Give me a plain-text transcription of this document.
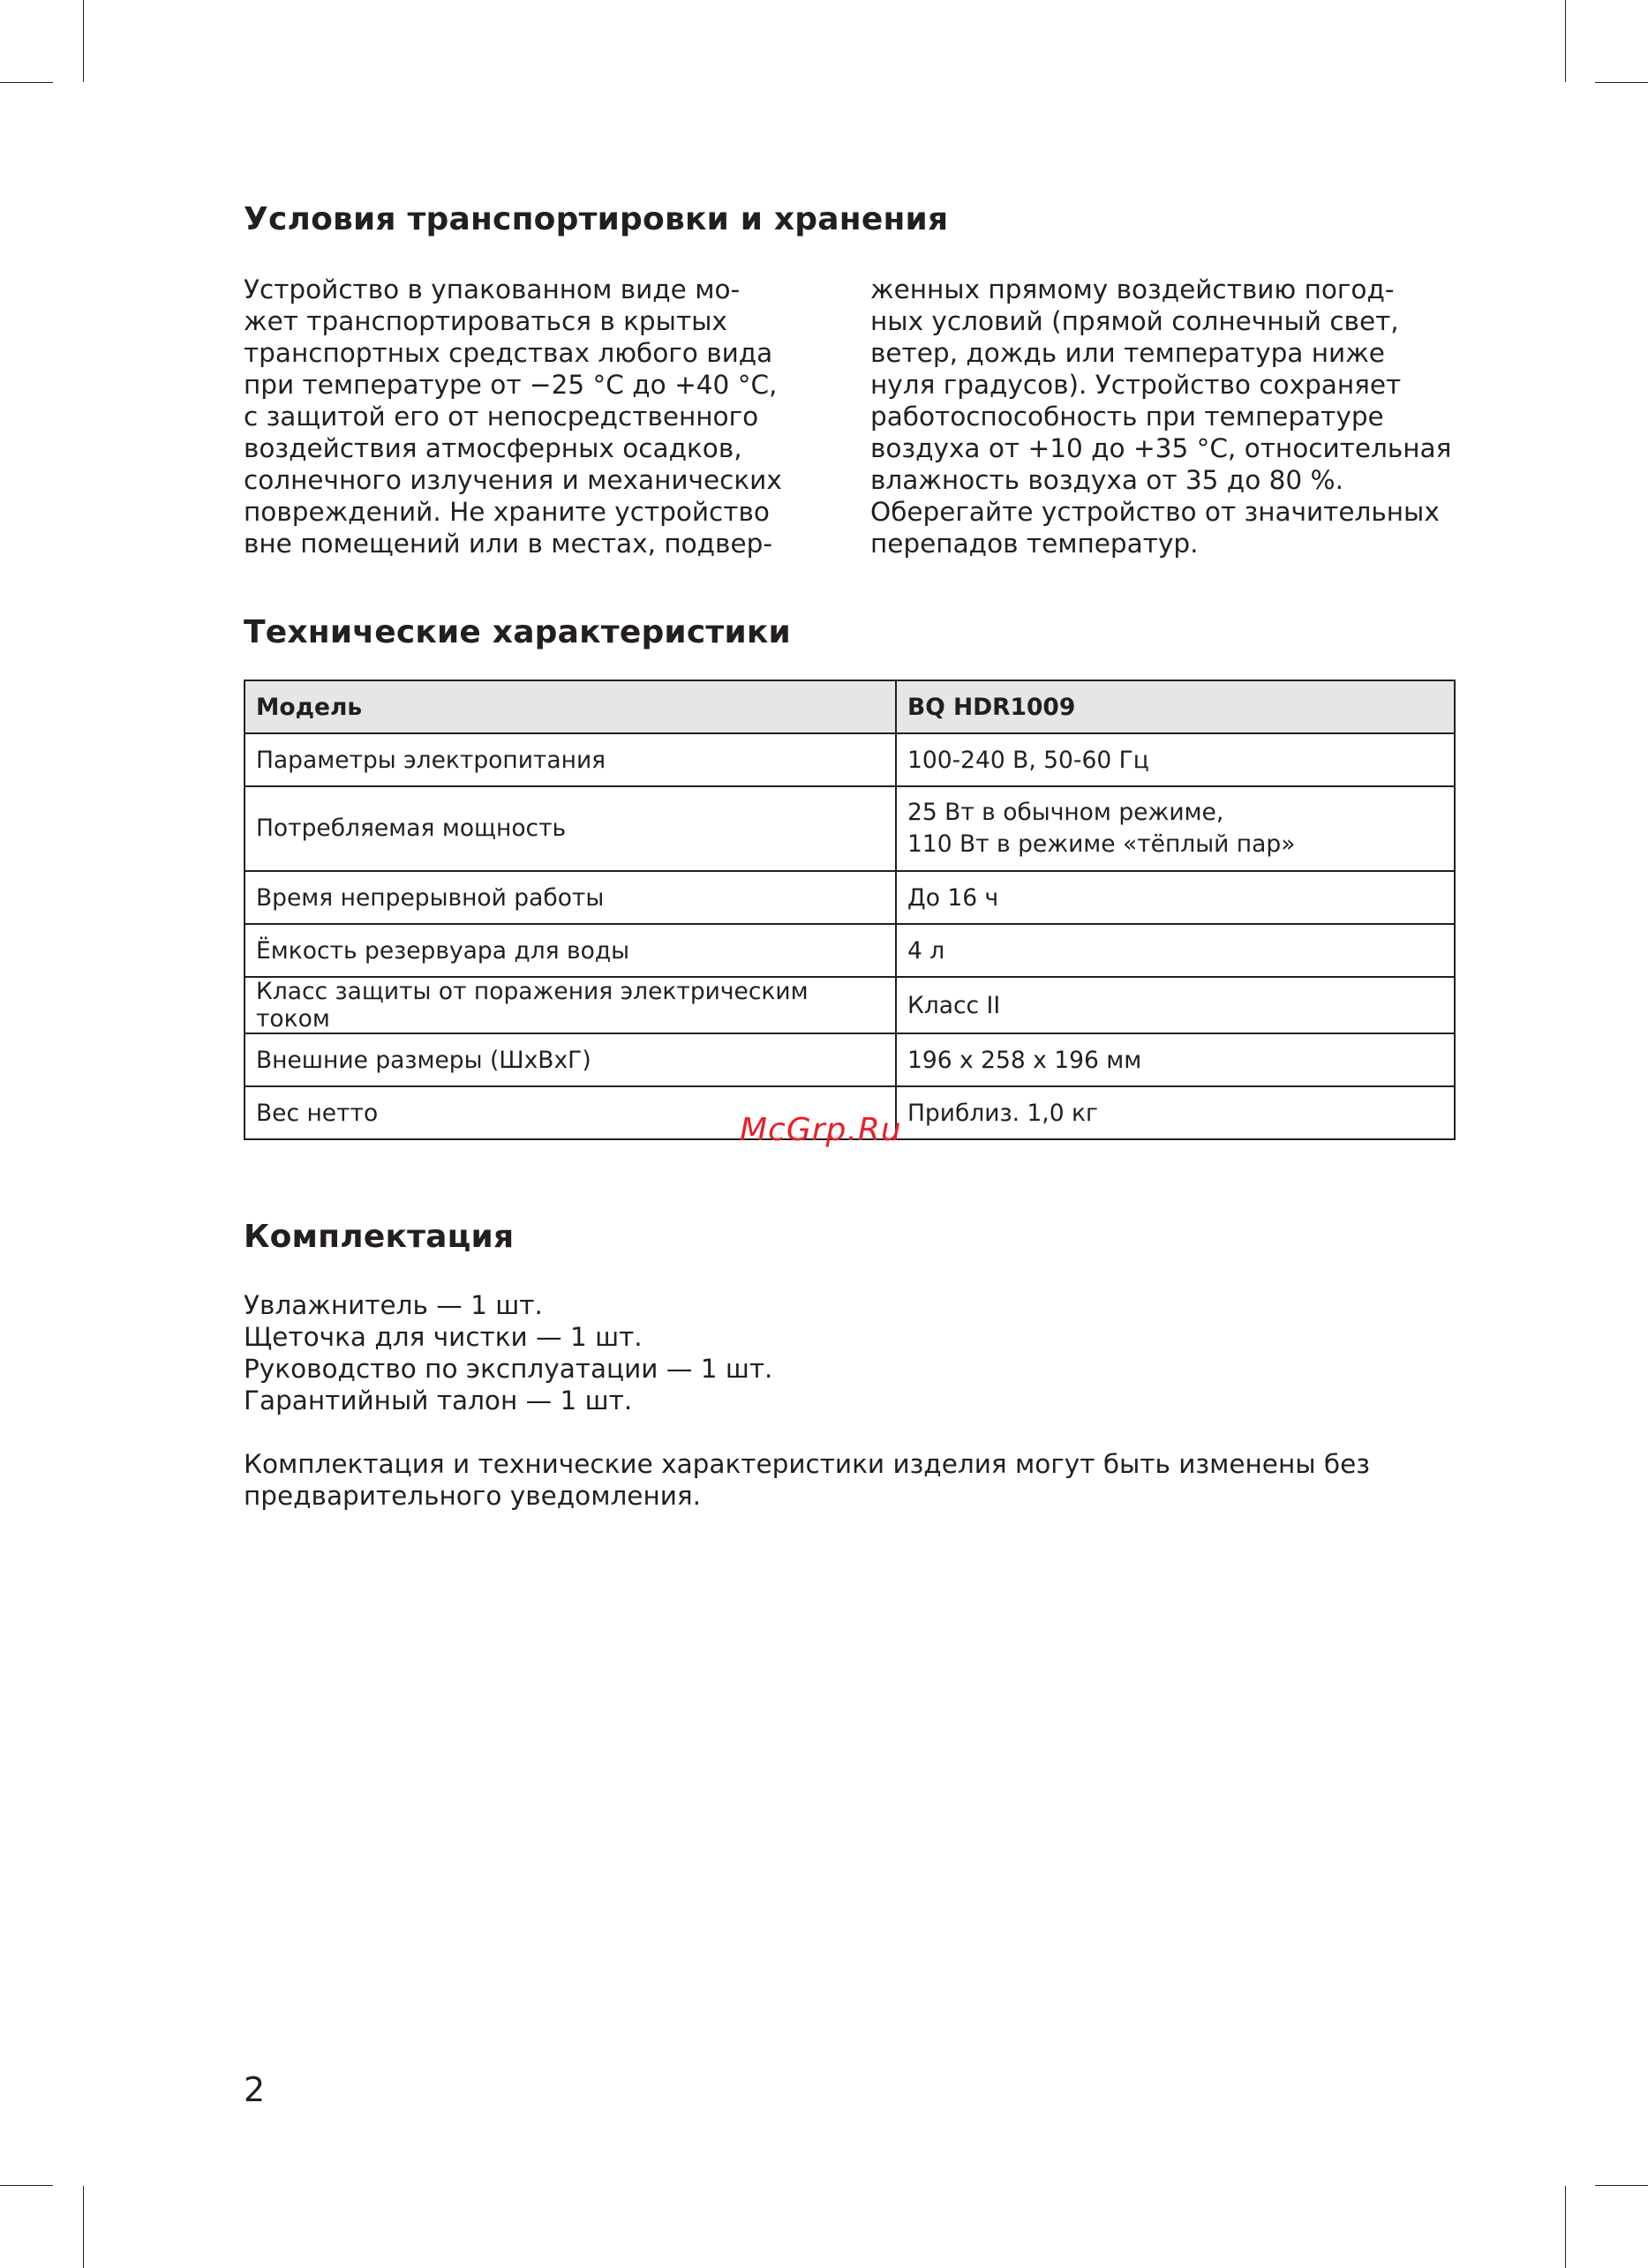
Условия транспортировки и хранения

Устройство в упакованном виде мо-
жет транспортироваться в крытых
транспортных средствах любого вида
при температуре от −25 °C до +40 °C,
с защитой его от непосредственного
воздействия атмосферных осадков,
солнечного излучения и механических
повреждений. Не храните устройство
вне помещений или в местах, подвер-

женных прямому воздействию погод-
ных условий (прямой солнечный свет,
ветер, дождь или температура ниже
нуля градусов). Устройство сохраняет
работоспособность при температуре
воздуха от +10 до +35 °C, относительная
влажность воздуха от 35 до 80 %.
Оберегайте устройство от значительных
перепадов температур.

Технические характеристики
Модель	BQ HDR1009
Параметры электропитания	100-240 В, 50-60 Гц

Потребляемая мощность	25 Вт в обычном режиме,
110 Вт в режиме «тёплый пар»

Время непрерывной работы	До 16 ч

Ёмкость резервуара для воды	4 л

Класс защиты от поражения электрическим током	Класс II

Внешние размеры (ШxВxГ)	196 x 258 x 196 мм

Вес нетто	Приблиз. 1,0 кг
McGrp.Ru
Комплектация

Увлажнитель — 1 шт.
Щеточка для чистки — 1 шт.
Руководство по эксплуатации — 1 шт.
Гарантийный талон — 1 шт.

Комплектация и технические характеристики изделия могут быть изменены без
предварительного уведомления.

2
